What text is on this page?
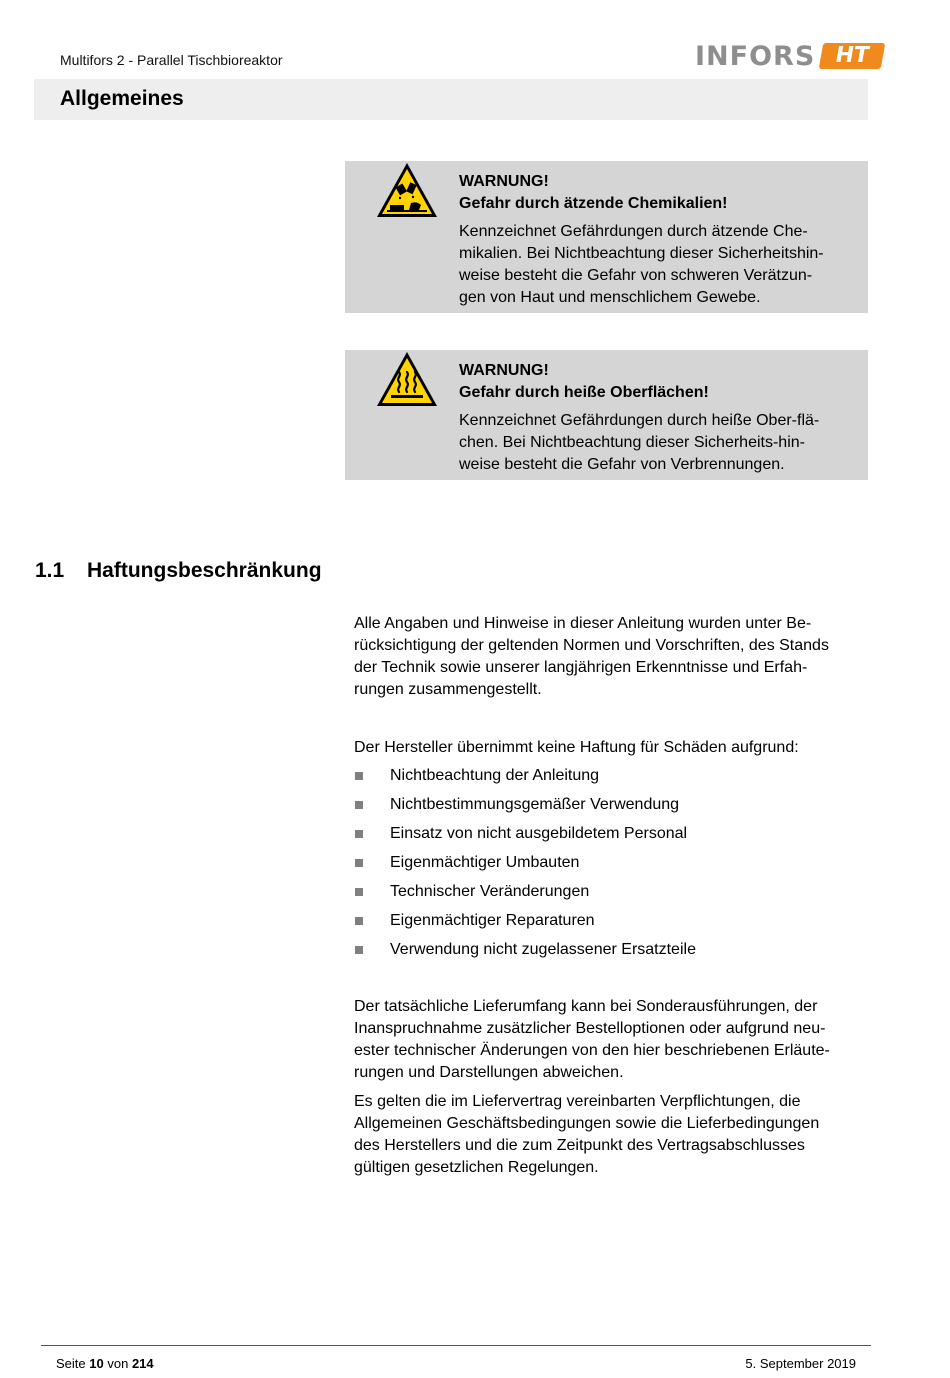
Multifors 2 - Parallel Tischbioreaktor	INFORS HT
Allgemeines
WARNUNG!
Gefahr durch ätzende Chemikalien!
Kennzeichnet Gefährdungen durch ätzende Che-
mikalien. Bei Nichtbeachtung dieser Sicherheitshin-
weise besteht die Gefahr von schweren Verätzun-
gen von Haut und menschlichem Gewebe.
WARNUNG!
Gefahr durch heiße Oberflächen!
Kennzeichnet Gefährdungen durch heiße Ober-flä-
chen. Bei Nichtbeachtung dieser Sicherheits-hin-
weise besteht die Gefahr von Verbrennungen.
1.1 Haftungsbeschränkung
Alle Angaben und Hinweise in dieser Anleitung wurden unter Be-
rücksichtigung der geltenden Normen und Vorschriften, des Stands
der Technik sowie unserer langjährigen Erkenntnisse und Erfah-
rungen zusammengestellt.
Der Hersteller übernimmt keine Haftung für Schäden aufgrund:
Nichtbeachtung der Anleitung
Nichtbestimmungsgemäßer Verwendung
Einsatz von nicht ausgebildetem Personal
Eigenmächtiger Umbauten
Technischer Veränderungen
Eigenmächtiger Reparaturen
Verwendung nicht zugelassener Ersatzteile
Der tatsächliche Lieferumfang kann bei Sonderausführungen, der
Inanspruchnahme zusätzlicher Bestelloptionen oder aufgrund neu-
ester technischer Änderungen von den hier beschriebenen Erläute-
rungen und Darstellungen abweichen.
Es gelten die im Liefervertrag vereinbarten Verpflichtungen, die
Allgemeinen Geschäftsbedingungen sowie die Lieferbedingungen
des Herstellers und die zum Zeitpunkt des Vertragsabschlusses
gültigen gesetzlichen Regelungen.
Seite 10 von 214	5. September 2019
